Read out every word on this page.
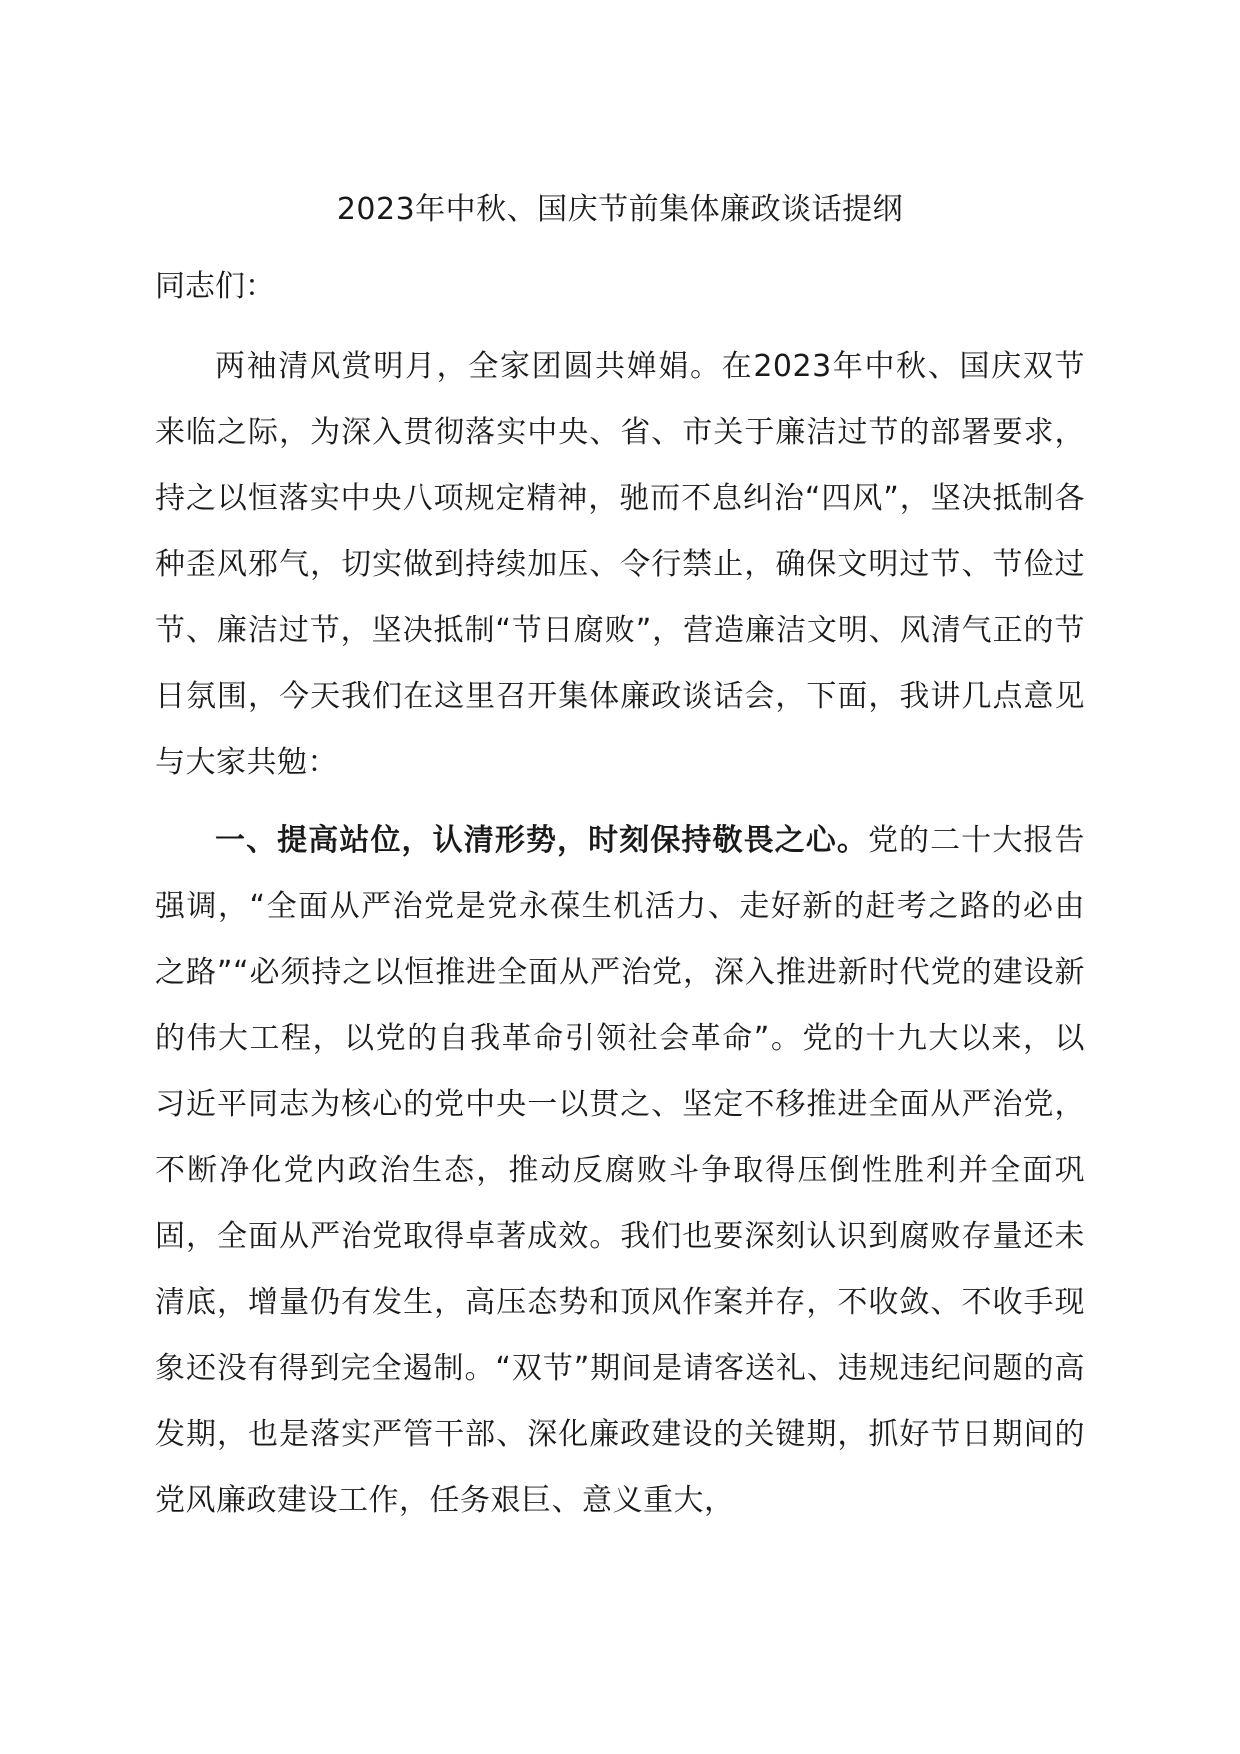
2023年中秋、国庆节前集体廉政谈话提纲

同志们：

两袖清风赏明月，全家团圆共婵娟。在2023年中秋、国庆双节来临之际，为深入贯彻落实中央、省、市关于廉洁过节的部署要求，持之以恒落实中央八项规定精神，驰而不息纠治“四风”，坚决抵制各种歪风邪气，切实做到持续加压、令行禁止，确保文明过节、节俭过节、廉洁过节，坚决抵制“节日腐败”，营造廉洁文明、风清气正的节日氛围，今天我们在这里召开集体廉政谈话会，下面，我讲几点意见与大家共勉：

一、提高站位，认清形势，时刻保持敬畏之心。党的二十大报告强调，“全面从严治党是党永葆生机活力、走好新的赶考之路的必由之路”“必须持之以恒推进全面从严治党，深入推进新时代党的建设新的伟大工程，以党的自我革命引领社会革命”。党的十九大以来，以习近平同志为核心的党中央一以贯之、坚定不移推进全面从严治党，不断净化党内政治生态，推动反腐败斗争取得压倒性胜利并全面巩固，全面从严治党取得卓著成效。我们也要深刻认识到腐败存量还未清底，增量仍有发生，高压态势和顶风作案并存，不收敛、不收手现象还没有得到完全遏制。“双节”期间是请客送礼、违规违纪问题的高发期，也是落实严管干部、深化廉政建设的关键期，抓好节日期间的党风廉政建设工作，任务艰巨、意义重大，
